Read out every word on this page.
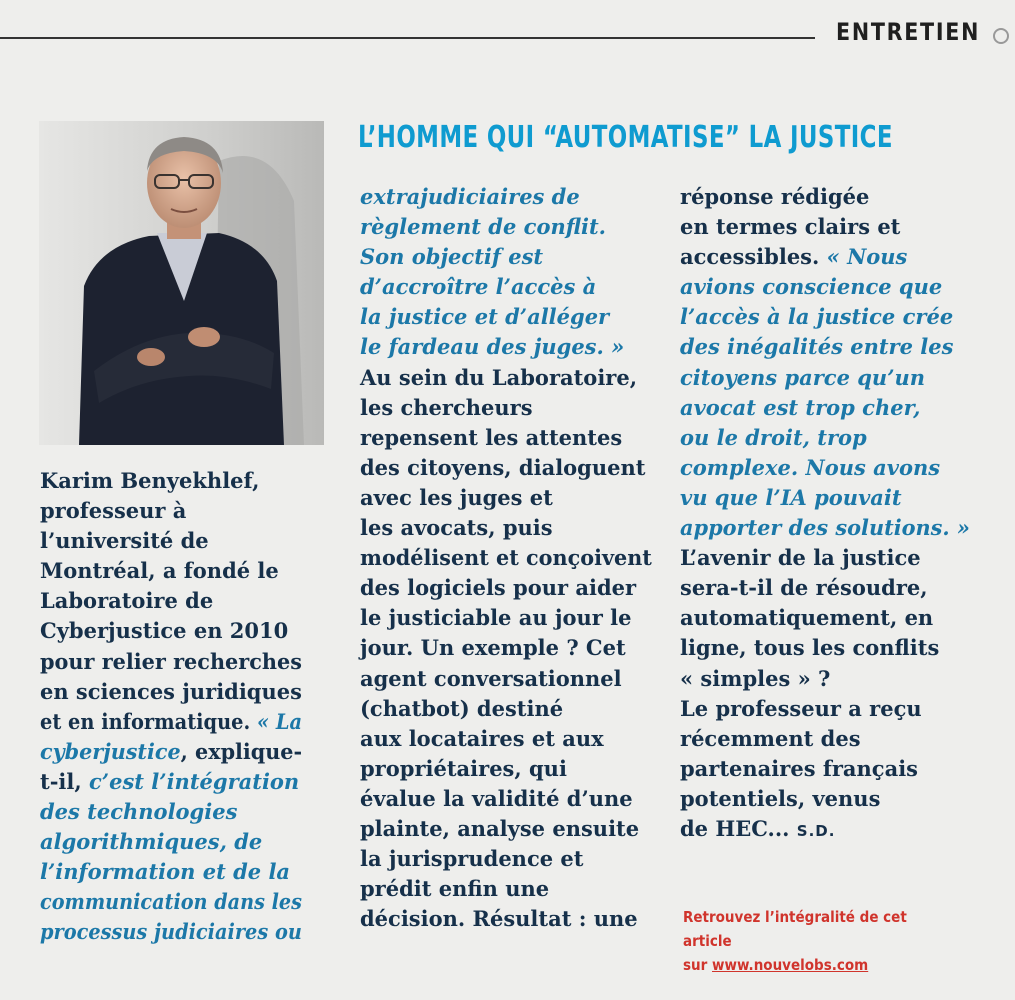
ENTRETIEN
L’HOMME QUI “AUTOMATISE” LA JUSTICE
Karim Benyekhlef,
professeur à
l’université de
Montréal, a fondé le
Laboratoire de
Cyberjustice en 2010
pour relier recherches
en sciences juridiques
et en informatique. « La
cyberjustice, explique-
t-il, c’est l’intégration
des technologies
algorithmiques, de
l’information et de la
communication dans les
processus judiciaires ou
extrajudiciaires de
règlement de conflit.
Son objectif est
d’accroître l’accès à
la justice et d’alléger
le fardeau des juges. »
Au sein du Laboratoire,
les chercheurs
repensent les attentes
des citoyens, dialoguent
avec les juges et
les avocats, puis
modélisent et conçoivent
des logiciels pour aider
le justiciable au jour le
jour. Un exemple ? Cet
agent conversationnel
(chatbot) destiné
aux locataires et aux
propriétaires, qui
évalue la validité d’une
plainte, analyse ensuite
la jurisprudence et
prédit enfin une
décision. Résultat : une
réponse rédigée
en termes clairs et
accessibles. « Nous
avions conscience que
l’accès à la justice crée
des inégalités entre les
citoyens parce qu’un
avocat est trop cher,
ou le droit, trop
complexe. Nous avons
vu que l’IA pouvait
apporter des solutions. »
L’avenir de la justice
sera-t-il de résoudre,
automatiquement, en
ligne, tous les conflits
« simples » ?
Le professeur a reçu
récemment des
partenaires français
potentiels, venus
de HEC... S.D.
Retrouvez l’intégralité de cet article
sur www.nouvelobs.com
